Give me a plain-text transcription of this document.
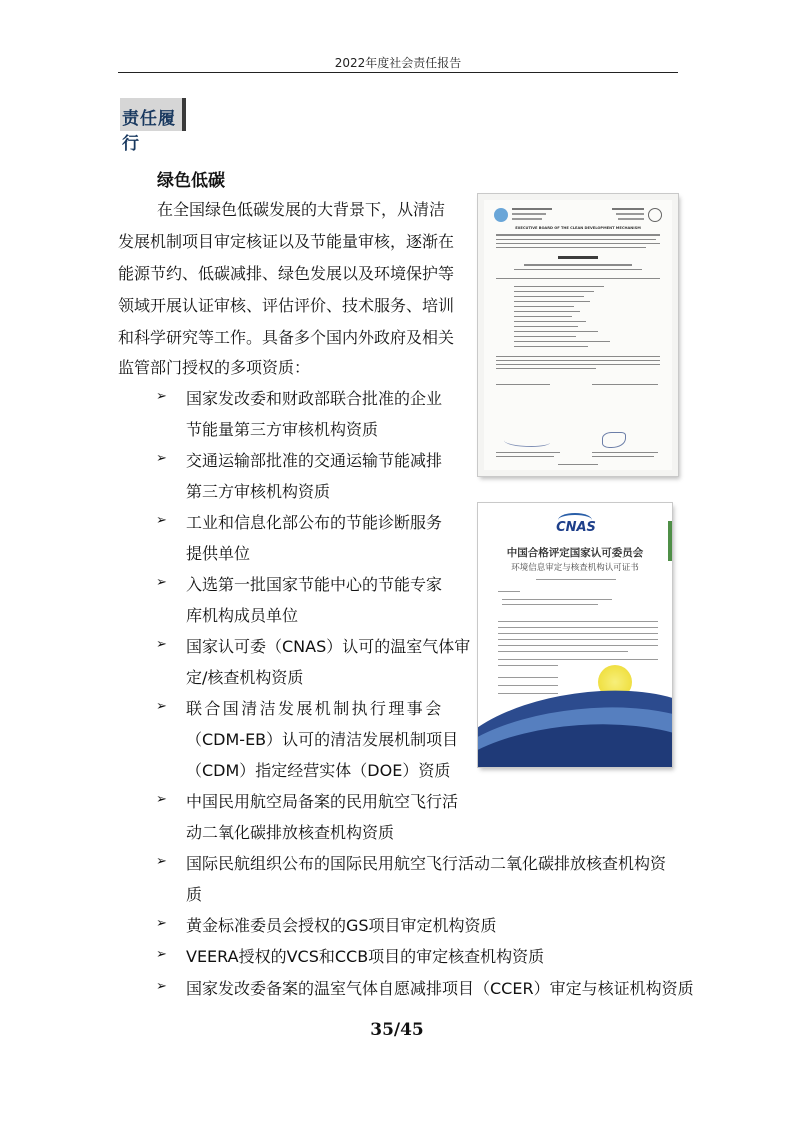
2022年度社会责任报告
责任履行
绿色低碳
在全国绿色低碳发展的大背景下，从清洁
发展机制项目审定核证以及节能量审核，逐渐在
能源节约、低碳减排、绿色发展以及环境保护等
领域开展认证审核、评估评价、技术服务、培训
和科学研究等工作。具备多个国内外政府及相关
监管部门授权的多项资质：
➢ 国家发改委和财政部联合批准的企业
节能量第三方审核机构资质
➢ 交通运输部批准的交通运输节能减排
第三方审核机构资质
➢ 工业和信息化部公布的节能诊断服务
提供单位
➢ 入选第一批国家节能中心的节能专家
库机构成员单位
➢ 国家认可委（CNAS）认可的温室气体审
定/核查机构资质
➢ 联合国清洁发展机制执行理事会
（CDM-EB）认可的清洁发展机制项目
（CDM）指定经营实体（DOE）资质
➢ 中国民用航空局备案的民用航空飞行活
动二氧化碳排放核查机构资质
➢ 国际民航组织公布的国际民用航空飞行活动二氧化碳排放核查机构资
质
➢ 黄金标准委员会授权的GS项目审定机构资质
➢ VEERA授权的VCS和CCB项目的审定核查机构资质
➢ 国家发改委备案的温室气体自愿减排项目（CCER）审定与核证机构资质
EXECUTIVE BOARD OF THE CLEAN DEVELOPMENT MECHANISM
CNAS
中国合格评定国家认可委员会
环境信息审定与核查机构认可证书
35/45
